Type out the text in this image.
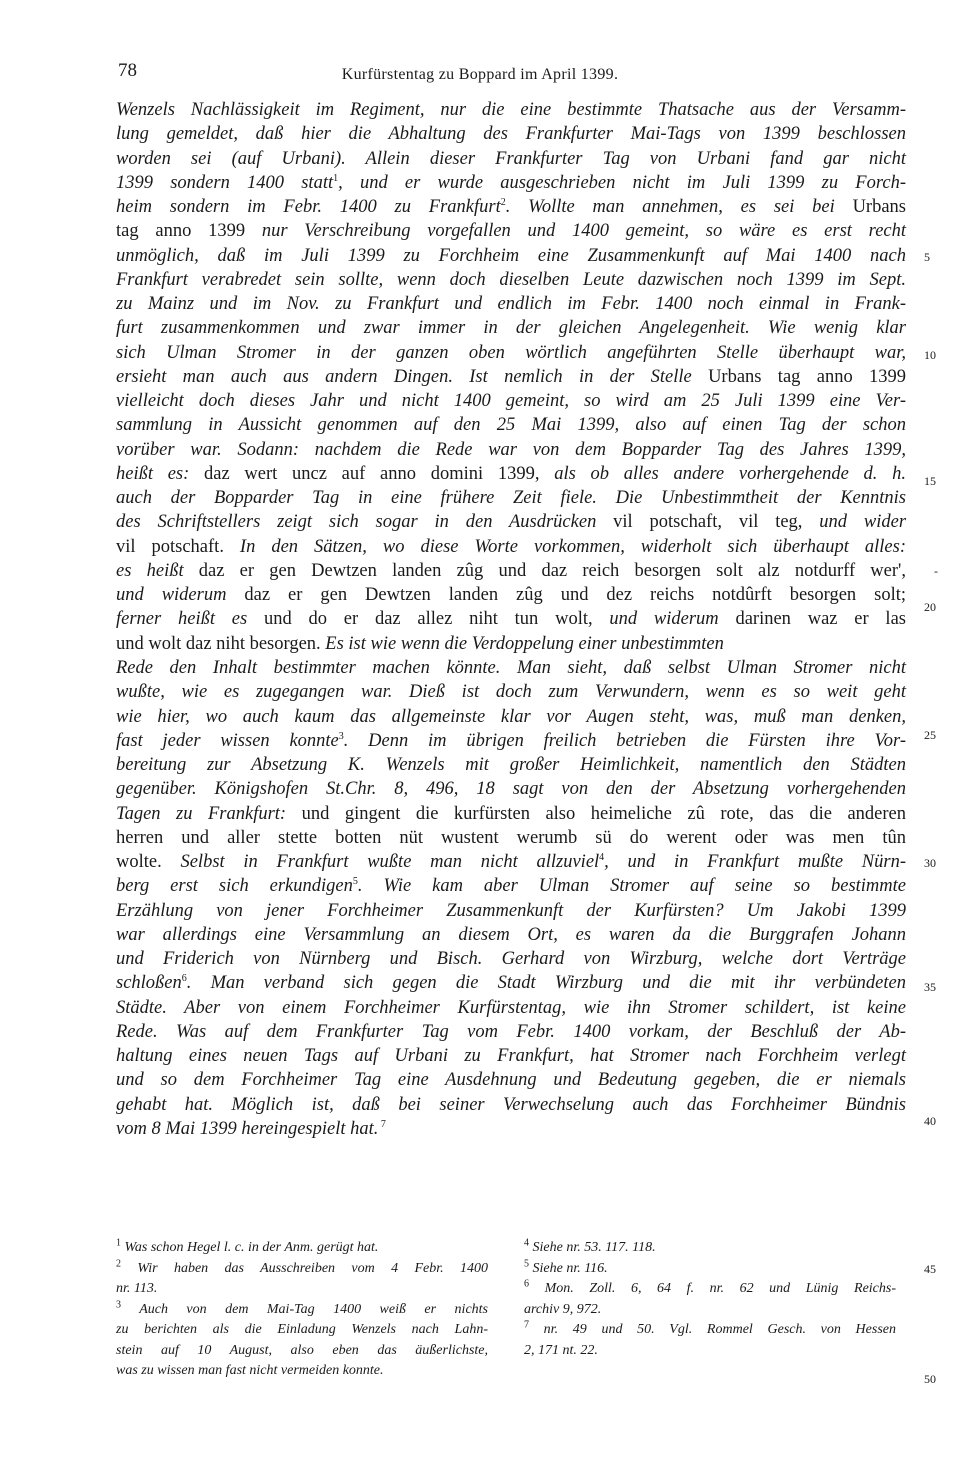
78	Kurfürstentag zu Boppard im April 1399.
Wenzels Nachlässigkeit im Regiment, nur die eine bestimmte Thatsache aus der Versamm-
lung gemeldet, daß hier die Abhaltung des Frankfurter Mai-Tags von 1399 beschlossen
worden sei (auf Urbani). Allein dieser Frankfurter Tag von Urbani fand gar nicht
1399 sondern 1400 statt$^1$, und er wurde ausgeschrieben nicht im Juli 1399 zu Forch-
heim sondern im Febr. 1400 zu Frankfurt$^2$. Wollte man annehmen, es sei bei Urbans
tag anno 1399 nur Verschreibung vorgefallen und 1400 gemeint, so wäre es erst recht
unmöglich, daß im Juli 1399 zu Forchheim eine Zusammenkunft auf Mai 1400 nach
Frankfurt verabredet sein sollte, wenn doch dieselben Leute dazwischen noch 1399 im Sept.
zu Mainz und im Nov. zu Frankfurt und endlich im Febr. 1400 noch einmal in Frank-
furt zusammenkommen und zwar immer in der gleichen Angelegenheit. Wie wenig klar
sich Ulman Stromer in der ganzen oben wörtlich angeführten Stelle überhaupt war,
ersieht man auch aus andern Dingen. Ist nemlich in der Stelle Urbans tag anno 1399
vielleicht doch dieses Jahr und nicht 1400 gemeint, so wird am 25 Juli 1399 eine Ver-
sammlung in Aussicht genommen auf den 25 Mai 1399, also auf einen Tag der schon
vorüber war. Sodann: nachdem die Rede war von dem Bopparder Tag des Jahres 1399,
heißt es: daz wert uncz auf anno domini 1399, als ob alles andere vorhergehende d. h.
auch der Bopparder Tag in eine frühere Zeit fiele. Die Unbestimmtheit der Kenntnis
des Schriftstellers zeigt sich sogar in den Ausdrücken vil potschaft, vil teg, und wider
vil potschaft. In den Sätzen, wo diese Worte vorkommen, widerholt sich überhaupt alles:
es heißt daz er gen Dewtzen landen zûg und daz reich besorgen solt alz notdurff wer',
und widerum daz er gen Dewtzen landen zûg und dez reichs notdûrft besorgen solt;
ferner heißt es und do er daz allez niht tun wolt, und widerum darinen waz er las
und wolt daz niht besorgen. Es ist wie wenn die Verdoppelung einer unbestimmten
Rede den Inhalt bestimmter machen könnte. Man sieht, daß selbst Ulman Stromer nicht
wußte, wie es zugegangen war. Dieß ist doch zum Verwundern, wenn es so weit geht
wie hier, wo auch kaum das allgemeinste klar vor Augen steht, was, muß man denken,
fast jeder wissen konnte$^3$. Denn im übrigen freilich betrieben die Fürsten ihre Vor-
bereitung zur Absetzung K. Wenzels mit großer Heimlichkeit, namentlich den Städten
gegenüber. Königshofen St.Chr. 8, 496, 18 sagt von den der Absetzung vorhergehenden
Tagen zu Frankfurt: und gingent die kurfürsten also heimeliche zû rote, das die anderen
herren und aller stette botten nüt wustent werumb sü do werent oder was men tûn
wolte. Selbst in Frankfurt wußte man nicht allzuviel$^4$, und in Frankfurt mußte Nürn-
berg erst sich erkundigen$^5$. Wie kam aber Ulman Stromer auf seine so bestimmte
Erzählung von jener Forchheimer Zusammenkunft der Kurfürsten? Um Jakobi 1399
war allerdings eine Versammlung an diesem Ort, es waren da die Burggrafen Johann
und Friderich von Nürnberg und Bisch. Gerhard von Wirzburg, welche dort Verträge
schloßen$^6$. Man verband sich gegen die Stadt Wirzburg und die mit ihr verbündeten
Städte. Aber von einem Forchheimer Kurfürstentag, wie ihn Stromer schildert, ist keine
Rede. Was auf dem Frankfurter Tag vom Febr. 1400 vorkam, der Beschluß der Ab-
haltung eines neuen Tags auf Urbani zu Frankfurt, hat Stromer nach Forchheim verlegt
und so dem Forchheimer Tag eine Ausdehnung und Bedeutung gegeben, die er niemals
gehabt hat. Möglich ist, daß bei seiner Verwechselung auch das Forchheimer Bündnis
vom 8 Mai 1399 hereingespielt hat. $^7$
5
10
15
20
25
30
35
40
45
50
-
$^1$ Was schon Hegel l. c. in der Anm. gerügt hat.
$^2$ Wir haben das Ausschreiben vom 4 Febr. 1400
nr. 113.
$^3$ Auch von dem Mai-Tag 1400 weiß er nichts
zu berichten als die Einladung Wenzels nach Lahn-
stein auf 10 August, also eben das äußerlichste,
was zu wissen man fast nicht vermeiden konnte.
$^4$ Siehe nr. 53. 117. 118.
$^5$ Siehe nr. 116.
$^6$ Mon. Zoll. 6, 64 f. nr. 62 und Lünig Reichs-
archiv 9, 972.
$^7$ nr. 49 und 50. Vgl. Rommel Gesch. von Hessen
2, 171 nt. 22.
